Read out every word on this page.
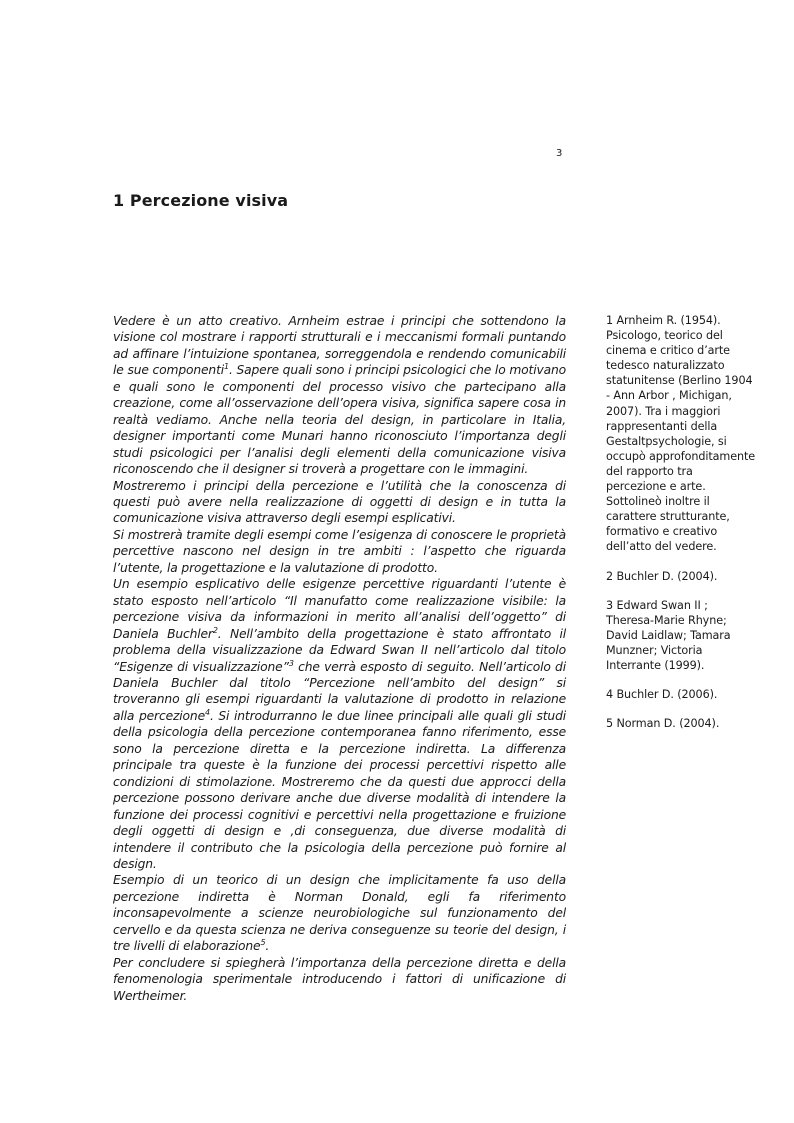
3
1 Percezione visiva

Vedere è un atto creativo. Arnheim estrae i principi che sottendono la visione col mostrare i rapporti strutturali e i meccanismi formali puntando ad affinare l’intuizione spontanea, sorreggendola e rendendo comunicabili le sue componenti$^1$. Sapere quali sono i principi psicologici che lo motivano e quali sono le componenti del processo visivo che partecipano alla creazione, come all’osservazione dell’opera visiva, significa sapere cosa in realtà vediamo. Anche nella teoria del design, in particolare in Italia, designer importanti come Munari hanno riconosciuto l’importanza degli studi psicologici per l’analisi degli elementi della comunicazione visiva riconoscendo che il designer si troverà a progettare con le immagini.

Mostreremo i principi della percezione e l’utilità che la conoscenza di questi può avere nella realizzazione di oggetti di design e in tutta la comunicazione visiva attraverso degli esempi esplicativi.

Si mostrerà tramite degli esempi come l’esigenza di conoscere le proprietà percettive nascono nel design in tre ambiti : l’aspetto che riguarda l’utente, la progettazione e la valutazione di prodotto.

Un esempio esplicativo delle esigenze percettive riguardanti l’utente è stato esposto nell’articolo “Il manufatto come realizzazione visibile: la percezione visiva da informazioni in merito all’analisi dell’oggetto” di Daniela Buchler$^2$. Nell’ambito della progettazione è stato affrontato il problema della visualizzazione da Edward Swan II nell’articolo dal titolo “Esigenze di visualizzazione”$^3$ che verrà esposto di seguito. Nell’articolo di Daniela Buchler dal titolo “Percezione nell’ambito del design” si troveranno gli esempi riguardanti la valutazione di prodotto in relazione alla percezione$^4$. Si introdurranno le due linee principali alle quali gli studi della psicologia della percezione contemporanea fanno riferimento, esse sono la percezione diretta e la percezione indiretta. La differenza principale tra queste è la funzione dei processi percettivi rispetto alle condizioni di stimolazione. Mostreremo che da questi due approcci della percezione possono derivare anche due diverse modalità di intendere la funzione dei processi cognitivi e percettivi nella progettazione e fruizione degli oggetti di design e ,di conseguenza, due diverse modalità di intendere il contributo che la psicologia della percezione può fornire al design.

Esempio di un teorico di un design che implicitamente fa uso della percezione indiretta è Norman Donald, egli fa riferimento inconsapevolmente a scienze neurobiologiche sul funzionamento del cervello e da questa scienza ne deriva conseguenze su teorie del design, i tre livelli di elaborazione$^5$.

Per concludere si spiegherà l’importanza della percezione diretta e della fenomenologia sperimentale introducendo i fattori di unificazione di Wertheimer.

1 Arnheim R. (1954). Psicologo, teorico del cinema e critico d’arte tedesco naturalizzato statunitense (Berlino 1904 - Ann Arbor , Michigan, 2007). Tra i maggiori rappresentanti della Gestaltpsychologie, si occupò approfonditamente del rapporto tra percezione e arte. Sottolineò inoltre il carattere strutturante, formativo e creativo dell’atto del vedere.

2 Buchler D. (2004).

3 Edward Swan II ; Theresa-Marie Rhyne; David Laidlaw; Tamara Munzner; Victoria Interrante (1999).

4 Buchler D. (2006).

5 Norman D. (2004).
